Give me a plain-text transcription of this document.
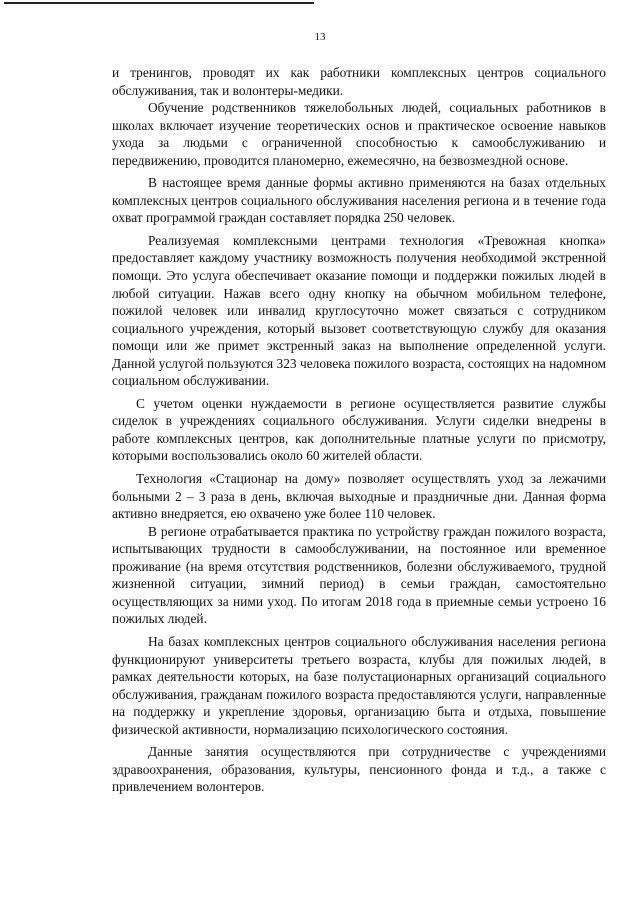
13

и тренингов, проводят их как работники комплексных центров социального обслуживания, так и волонтеры-медики.

Обучение родственников тяжелобольных людей, социальных работников в школах включает изучение теоретических основ и практическое освоение навыков ухода за людьми с ограниченной способностью к самообслуживанию и передвижению, проводится планомерно, ежемесячно, на безвозмездной основе.

В настоящее время данные формы активно применяются на базах отдельных комплексных центров социального обслуживания населения региона и в течение года охват программой граждан составляет порядка 250 человек.

Реализуемая комплексными центрами технология «Тревожная кнопка» предоставляет каждому участнику возможность получения необходимой экстренной помощи. Это услуга обеспечивает оказание помощи и поддержки пожилых людей в любой ситуации. Нажав всего одну кнопку на обычном мобильном телефоне, пожилой человек или инвалид круглосуточно может связаться с сотрудником социального учреждения, который вызовет соответствующую службу для оказания помощи или же примет экстренный заказ на выполнение определенной услуги. Данной услугой пользуются 323 человека пожилого возраста, состоящих на надомном социальном обслуживании.

С учетом оценки нуждаемости в регионе осуществляется развитие службы сиделок в учреждениях социального обслуживания. Услуги сиделки внедрены в работе комплексных центров, как дополнительные платные услуги по присмотру, которыми воспользовались около 60 жителей области.

Технология «Стационар на дому» позволяет осуществлять уход за лежачими больными 2 – 3 раза в день, включая выходные и праздничные дни. Данная форма активно внедряется, ею охвачено уже более 110 человек.

В регионе отрабатывается практика по устройству граждан пожилого возраста, испытывающих трудности в самообслуживании, на постоянное или временное проживание (на время отсутствия родственников, болезни обслуживаемого, трудной жизненной ситуации, зимний период) в семьи граждан, самостоятельно осуществляющих за ними уход. По итогам 2018 года в приемные семьи устроено 16 пожилых людей.

На базах комплексных центров социального обслуживания населения региона функционируют университеты третьего возраста, клубы для пожилых людей, в рамках деятельности которых, на базе полустационарных организаций социального обслуживания, гражданам пожилого возраста предоставляются услуги, направленные на поддержку и укрепление здоровья, организацию быта и отдыха, повышение физической активности, нормализацию психологического состояния.

Данные занятия осуществляются при сотрудничестве с учреждениями здравоохранения, образования, культуры, пенсионного фонда и т.д., а также с привлечением волонтеров.
